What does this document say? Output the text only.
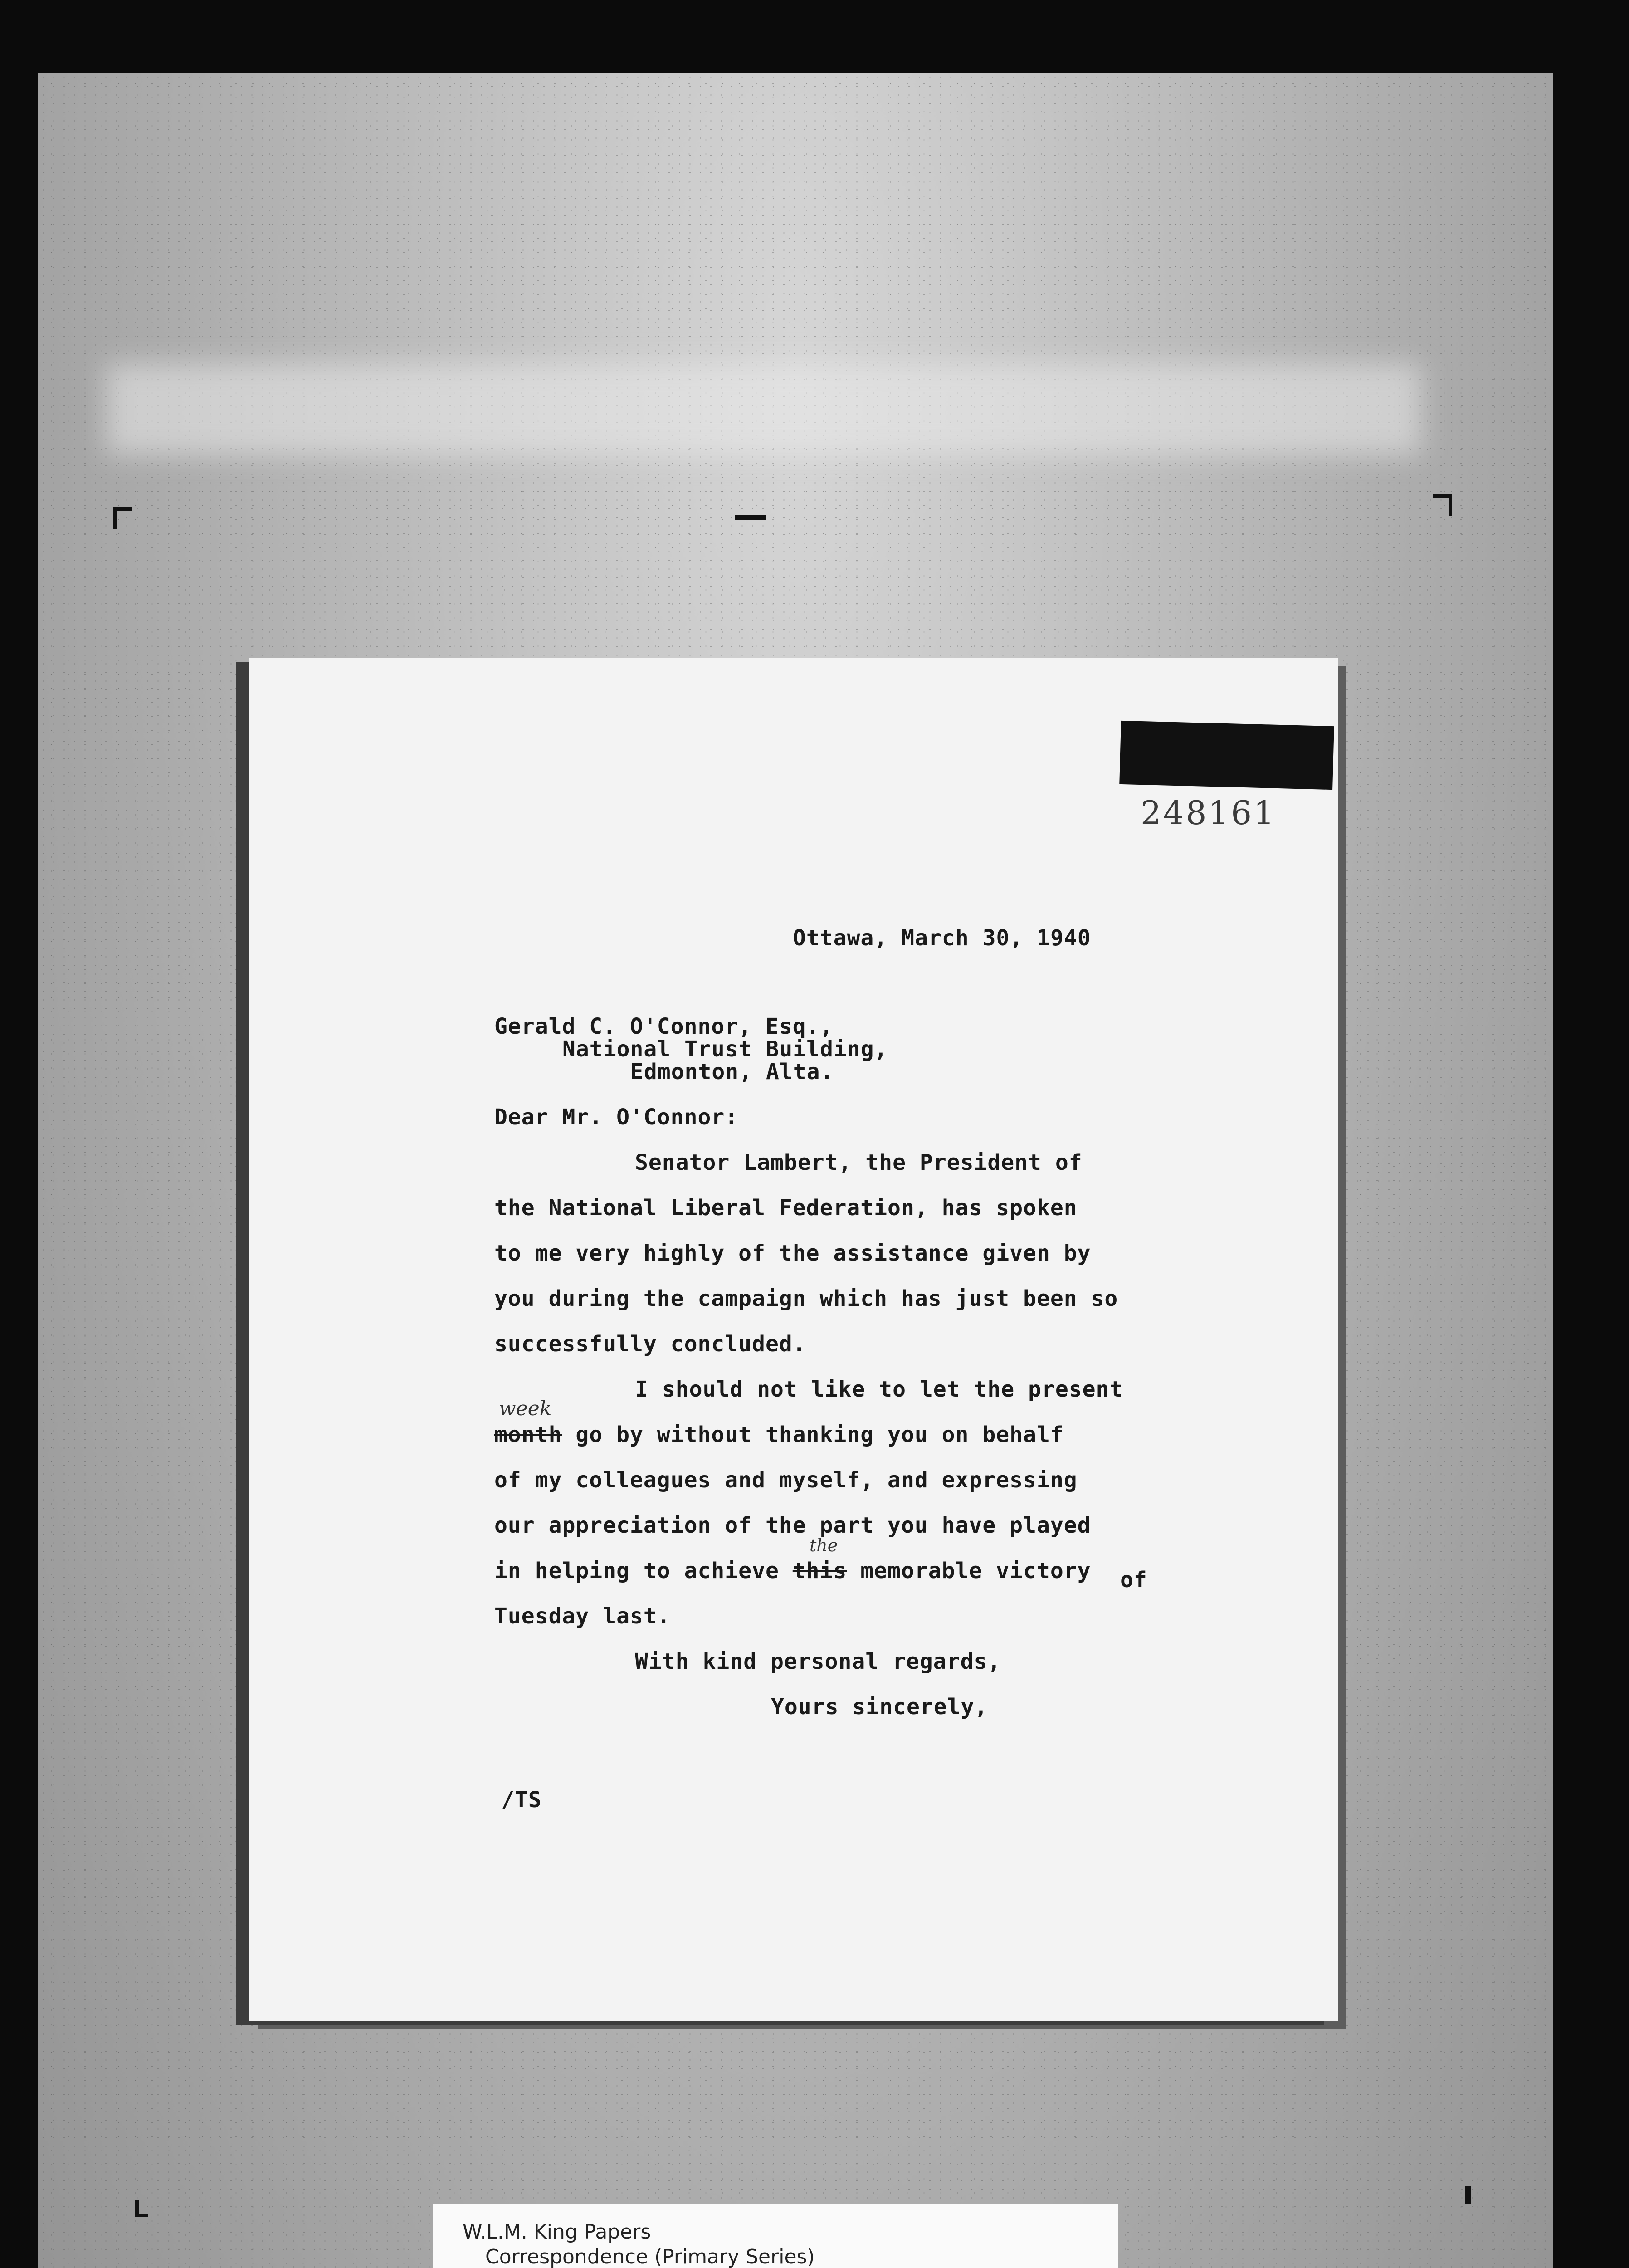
248161
Ottawa, March 30, 1940
Gerald C. O'Connor, Esq.,
National Trust Building,
Edmonton, Alta.
Dear Mr. O'Connor:
Senator Lambert, the President of
the National Liberal Federation, has spoken
to me very highly of the assistance given by
you during the campaign which has just been so
successfully concluded.
I should not like to let the present
week
month go by without thanking you on behalf
of my colleagues and myself, and expressing
our appreciation of the part you have played
the
in helping to achieve this memorable victory of
Tuesday last.
With kind personal regards,
Yours sincerely,
/TS
W.L.M. King Papers
Correspondence (Primary Series)
